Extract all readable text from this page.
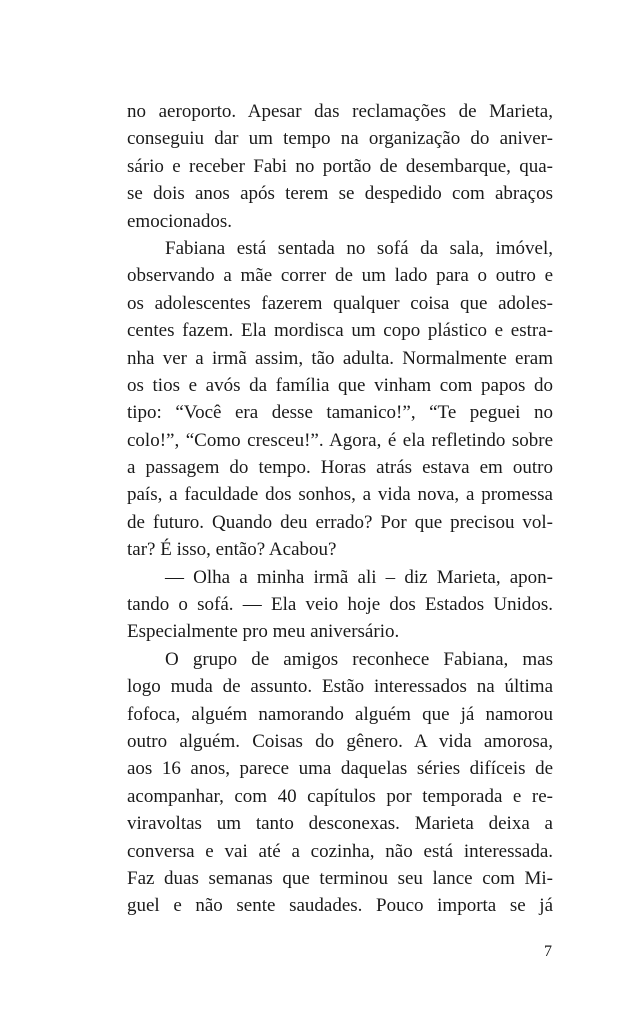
no aeroporto. Apesar das reclamações de Marieta,
conseguiu dar um tempo na organização do aniver-
sário e receber Fabi no portão de desembarque, qua-
se dois anos após terem se despedido com abraços
emocionados.
Fabiana está sentada no sofá da sala, imóvel,
observando a mãe correr de um lado para o outro e
os adolescentes fazerem qualquer coisa que adoles-
centes fazem. Ela mordisca um copo plástico e estra-
nha ver a irmã assim, tão adulta. Normalmente eram
os tios e avós da família que vinham com papos do
tipo: “Você era desse tamanico!”, “Te peguei no
colo!”, “Como cresceu!”. Agora, é ela refletindo sobre
a passagem do tempo. Horas atrás estava em outro
país, a faculdade dos sonhos, a vida nova, a promessa
de futuro. Quando deu errado? Por que precisou vol-
tar? É isso, então? Acabou?
— Olha a minha irmã ali – diz Marieta, apon-
tando o sofá. — Ela veio hoje dos Estados Unidos.
Especialmente pro meu aniversário.
O grupo de amigos reconhece Fabiana, mas
logo muda de assunto. Estão interessados na última
fofoca, alguém namorando alguém que já namorou
outro alguém. Coisas do gênero. A vida amorosa,
aos 16 anos, parece uma daquelas séries difíceis de
acompanhar, com 40 capítulos por temporada e re-
viravoltas um tanto desconexas. Marieta deixa a
conversa e vai até a cozinha, não está interessada.
Faz duas semanas que terminou seu lance com Mi-
guel e não sente saudades. Pouco importa se já
7
